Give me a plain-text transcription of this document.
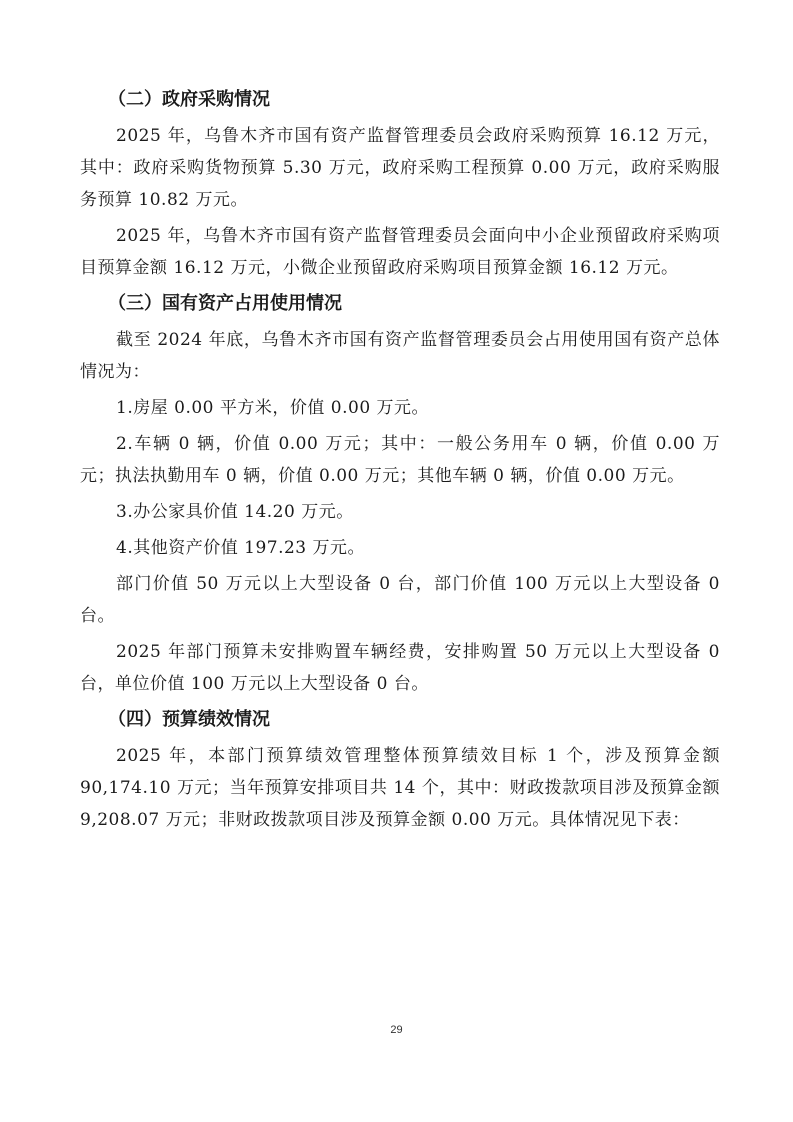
（二）政府采购情况

2025 年，乌鲁木齐市国有资产监督管理委员会政府采购预算 16.12 万元，其中：政府采购货物预算 5.30 万元，政府采购工程预算 0.00 万元，政府采购服务预算 10.82 万元。

2025 年，乌鲁木齐市国有资产监督管理委员会面向中小企业预留政府采购项目预算金额 16.12 万元，小微企业预留政府采购项目预算金额 16.12 万元。

（三）国有资产占用使用情况

截至 2024 年底，乌鲁木齐市国有资产监督管理委员会占用使用国有资产总体情况为：

1.房屋 0.00 平方米，价值 0.00 万元。

2.车辆 0 辆，价值 0.00 万元；其中：一般公务用车 0 辆，价值 0.00 万元；执法执勤用车 0 辆，价值 0.00 万元；其他车辆 0 辆，价值 0.00 万元。

3.办公家具价值 14.20 万元。

4.其他资产价值 197.23 万元。

部门价值 50 万元以上大型设备 0 台，部门价值 100 万元以上大型设备 0 台。

2025 年部门预算未安排购置车辆经费，安排购置 50 万元以上大型设备 0 台，单位价值 100 万元以上大型设备 0 台。

（四）预算绩效情况

2025 年，本部门预算绩效管理整体预算绩效目标 1 个，涉及预算金额 90,174.10 万元；当年预算安排项目共 14 个，其中：财政拨款项目涉及预算金额 9,208.07 万元；非财政拨款项目涉及预算金额 0.00 万元。具体情况见下表：

29
